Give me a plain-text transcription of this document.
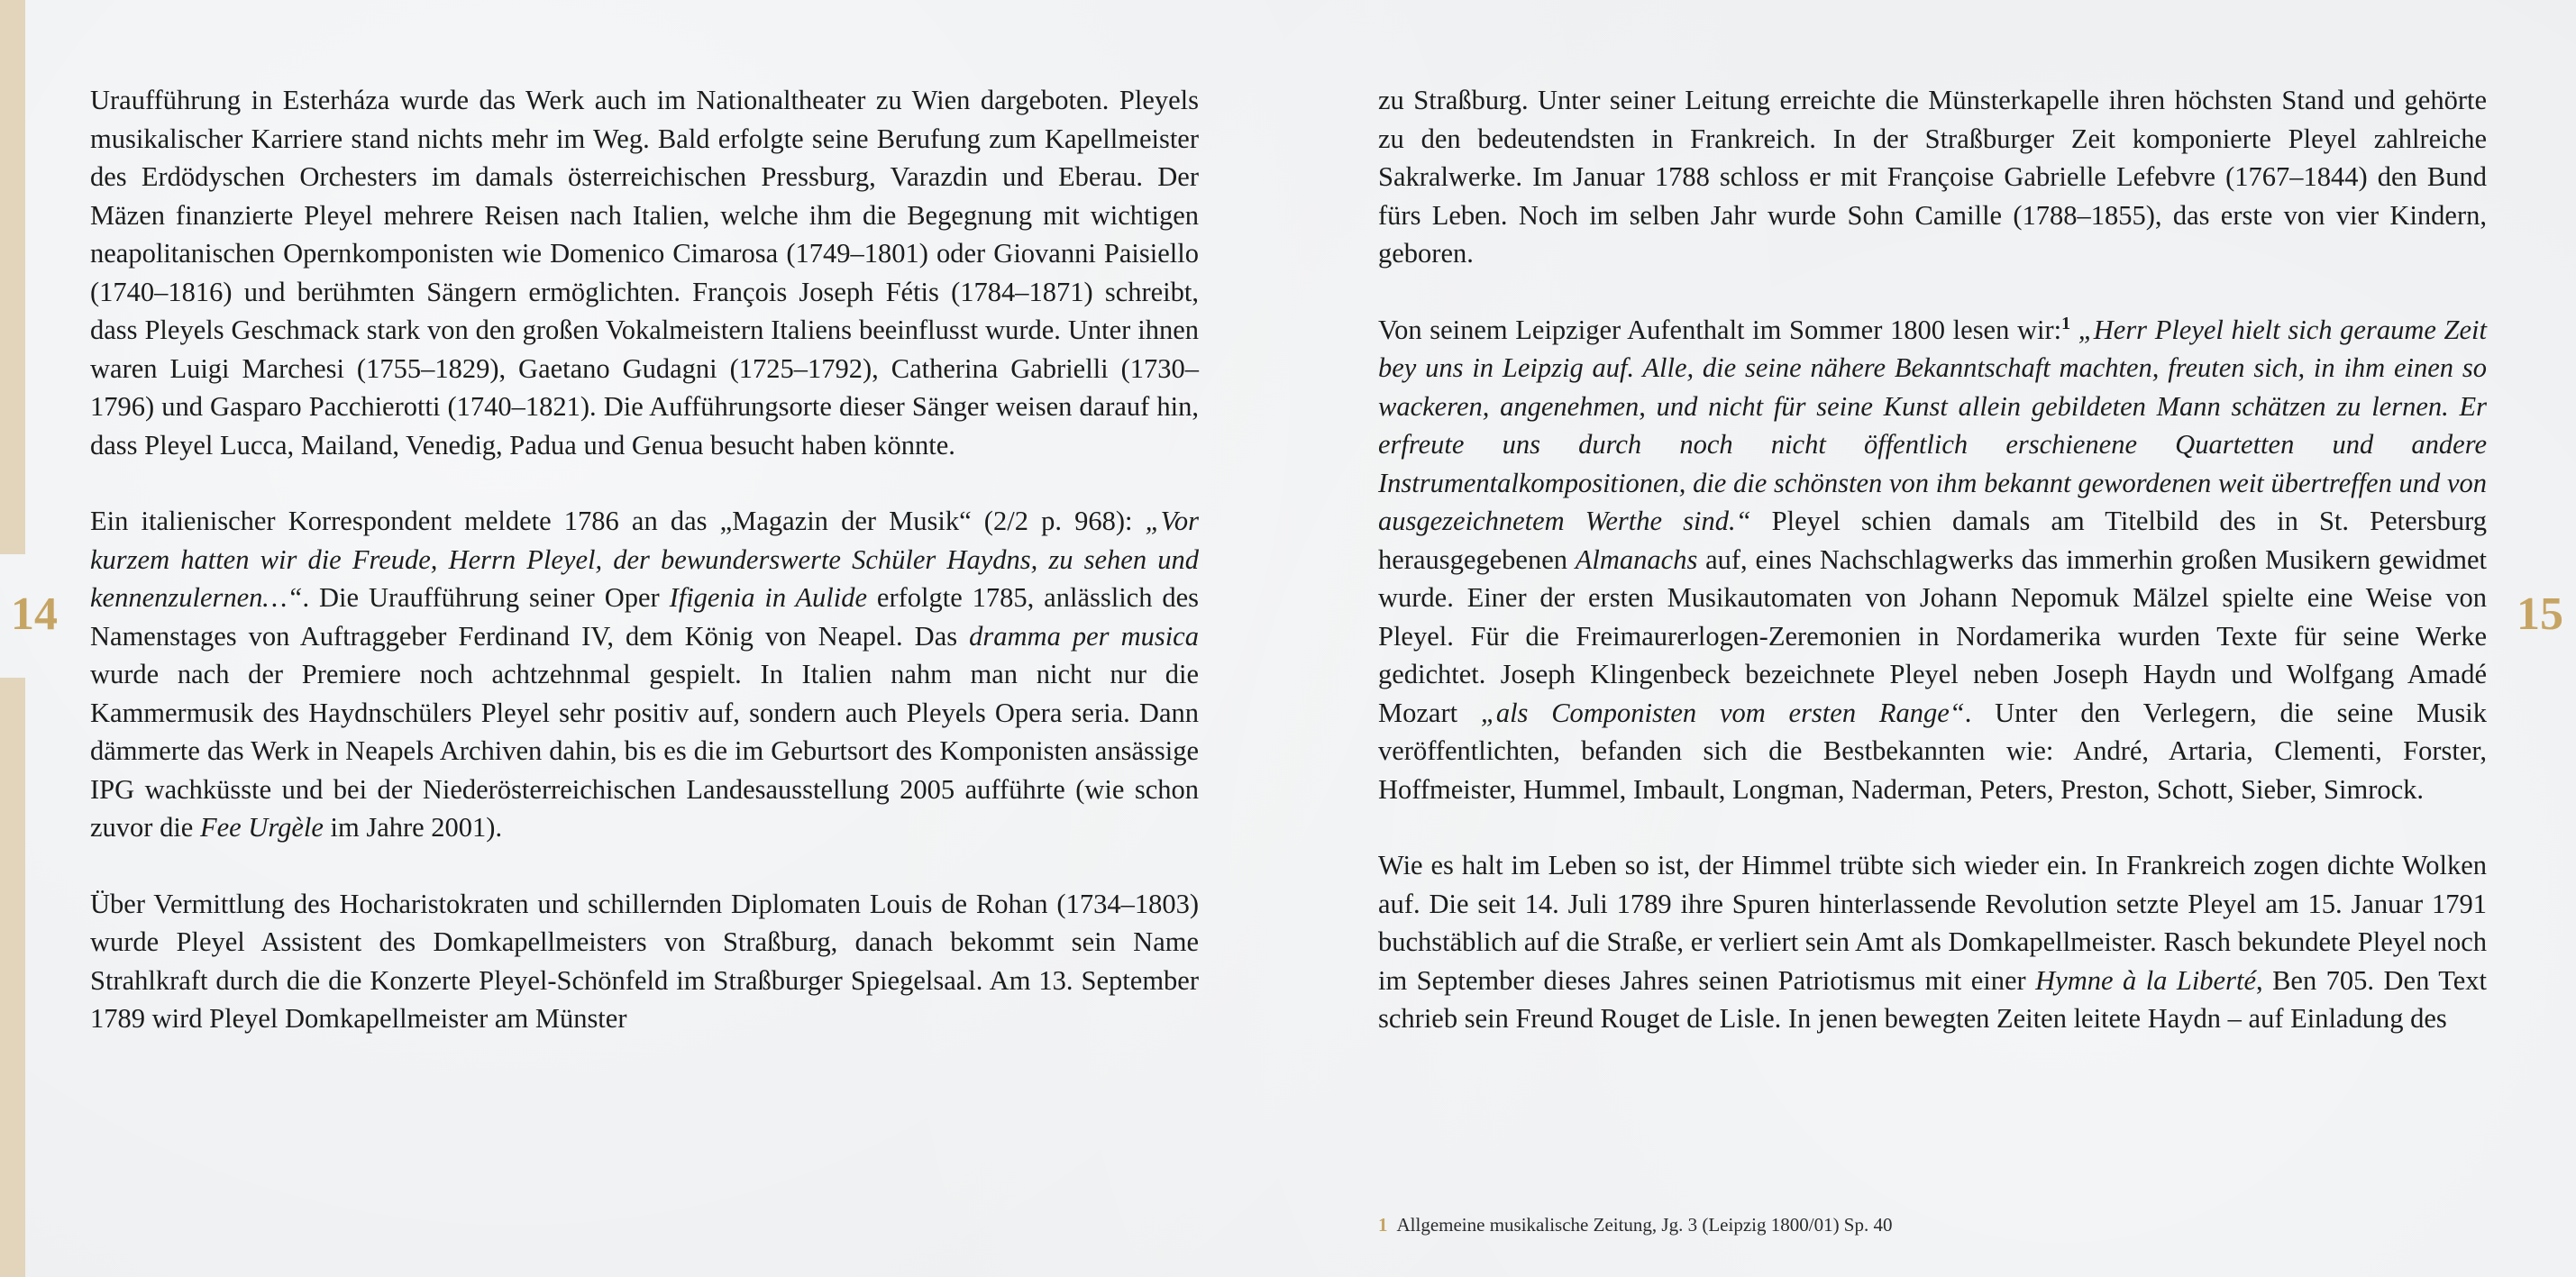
14	15

Uraufführung in Esterháza wurde das Werk auch im Nationaltheater zu Wien dargeboten. Pleyels musikalischer Karriere stand nichts mehr im Weg. Bald erfolgte seine Berufung zum Kapellmeister des Erdödyschen Orchesters im damals österreichischen Pressburg, Varazdin und Eberau. Der Mäzen finanzierte Pleyel mehrere Reisen nach Italien, welche ihm die Begegnung mit wichtigen neapolitanischen Opernkomponisten wie Domenico Cimarosa (1749–1801) oder Giovanni Paisiello (1740–1816) und berühmten Sängern ermöglichten. François Joseph Fétis (1784–1871) schreibt, dass Pleyels Geschmack stark von den großen Vokalmeistern Italiens beeinflusst wurde. Unter ihnen waren Luigi Marchesi (1755–1829), Gaetano Gudagni (1725–1792), Catherina Gabrielli (1730–1796) und Gasparo Pacchierotti (1740–1821). Die Aufführungsorte dieser Sänger weisen darauf hin, dass Pleyel Lucca, Mailand, Venedig, Padua und Genua besucht haben könnte.

Ein italienischer Korrespondent meldete 1786 an das „Magazin der Musik“ (2/2 p. 968): „Vor kurzem hatten wir die Freude, Herrn Pleyel, der bewunderswerte Schüler Haydns, zu sehen und kennenzulernen…“. Die Uraufführung seiner Oper Ifigenia in Aulide erfolgte 1785, anlässlich des Namenstages von Auftraggeber Ferdinand IV, dem König von Neapel. Das dramma per musica wurde nach der Premiere noch achtzehnmal gespielt. In Italien nahm man nicht nur die Kammermusik des Haydnschülers Pleyel sehr positiv auf, sondern auch Pleyels Opera seria. Dann dämmerte das Werk in Neapels Archiven dahin, bis es die im Geburtsort des Komponisten ansässige IPG wachküsste und bei der Niederösterreichischen Landesausstellung 2005 aufführte (wie schon zuvor die Fee Urgèle im Jahre 2001).

Über Vermittlung des Hocharistokraten und schillernden Diplomaten Louis de Rohan (1734–1803) wurde Pleyel Assistent des Domkapellmeisters von Straßburg, danach bekommt sein Name Strahlkraft durch die die Konzerte Pleyel-Schönfeld im Straßburger Spiegelsaal. Am 13. September 1789 wird Pleyel Domkapellmeister am Münster

zu Straßburg. Unter seiner Leitung erreichte die Münsterkapelle ihren höchsten Stand und gehörte zu den bedeutendsten in Frankreich. In der Straßburger Zeit komponierte Pleyel zahlreiche Sakralwerke. Im Januar 1788 schloss er mit Françoise Gabrielle Lefebvre (1767–1844) den Bund fürs Leben. Noch im selben Jahr wurde Sohn Camille (1788–1855), das erste von vier Kindern, geboren.

Von seinem Leipziger Aufenthalt im Sommer 1800 lesen wir:$^1$ „Herr Pleyel hielt sich geraume Zeit bey uns in Leipzig auf. Alle, die seine nähere Bekanntschaft machten, freuten sich, in ihm einen so wackeren, angenehmen, und nicht für seine Kunst allein gebildeten Mann schätzen zu lernen. Er erfreute uns durch noch nicht öffentlich erschienene Quartetten und andere Instrumentalkompositionen, die die schönsten von ihm bekannt gewordenen weit übertreffen und von ausgezeichnetem Werthe sind.“ Pleyel schien damals am Titelbild des in St. Petersburg herausgegebenen Almanachs auf, eines Nachschlagwerks das immerhin großen Musikern gewidmet wurde. Einer der ersten Musikautomaten von Johann Nepomuk Mälzel spielte eine Weise von Pleyel. Für die Freimaurerlogen-Zeremonien in Nordamerika wurden Texte für seine Werke gedichtet. Joseph Klingenbeck bezeichnete Pleyel neben Joseph Haydn und Wolfgang Amadé Mozart „als Componisten vom ersten Range“. Unter den Verlegern, die seine Musik veröffentlichten, befanden sich die Bestbekannten wie: André, Artaria, Clementi, Forster, Hoffmeister, Hummel, Imbault, Longman, Naderman, Peters, Preston, Schott, Sieber, Simrock.

Wie es halt im Leben so ist, der Himmel trübte sich wieder ein. In Frankreich zogen dichte Wolken auf. Die seit 14. Juli 1789 ihre Spuren hinterlassende Revolution setzte Pleyel am 15. Januar 1791 buchstäblich auf die Straße, er verliert sein Amt als Domkapellmeister. Rasch bekundete Pleyel noch im September dieses Jahres seinen Patriotismus mit einer Hymne à la Liberté, Ben 705. Den Text schrieb sein Freund Rouget de Lisle. In jenen bewegten Zeiten leitete Haydn – auf Einladung des

1 Allgemeine musikalische Zeitung, Jg. 3 (Leipzig 1800/01) Sp. 40
